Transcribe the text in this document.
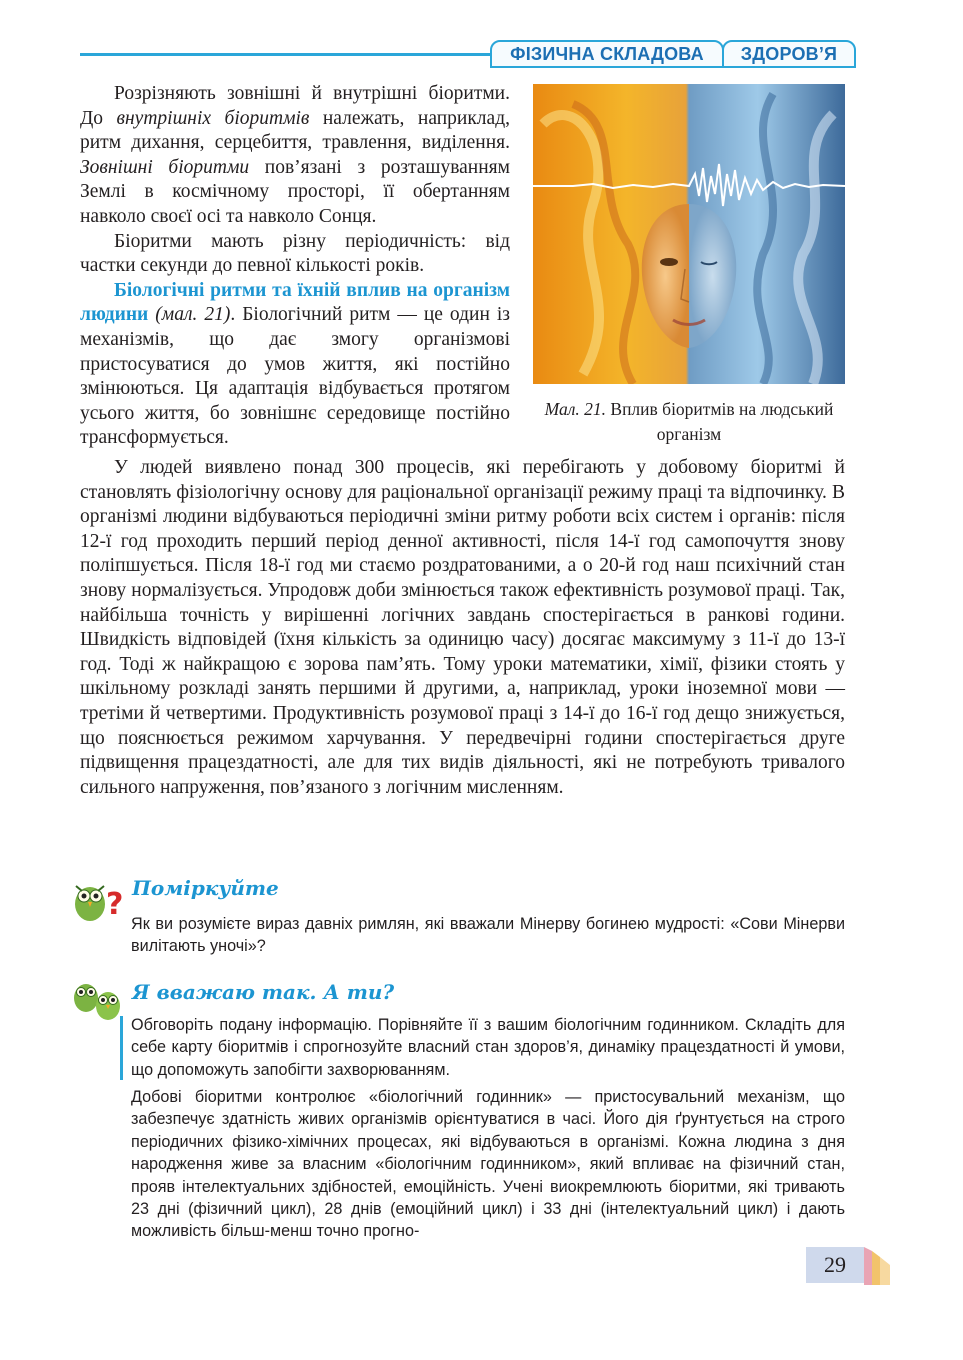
ФІЗИЧНА СКЛАДОВА	ЗДОРОВ’Я
Розрізняють зовнішні й внутрішні біоритми. До внутрішніх біоритмів належать, наприклад, ритм дихання, серцебиття, травлення, виділення. Зовнішні біоритми пов’язані з розташуванням Землі в космічному просторі, її обертанням навколо своєї осі та навколо Сонця.
Біоритми мають різну періодичність: від частки секунди до певної кількості років.
Біологічні ритми та їхній вплив на організм людини (мал. 21). Біологічний ритм — це один із механізмів, що дає змогу організмові пристосуватися до умов життя, які постійно змінюються. Ця адаптація відбувається протягом усього життя, бо зовнішнє середовище постійно трансформується.
Мал. 21. Вплив біоритмів на людський організм
У людей виявлено понад 300 процесів, які перебігають у добовому біоритмі й становлять фізіологічну основу для раціональної організації режиму праці та відпочинку. В організмі людини відбуваються періодичні зміни ритму роботи всіх систем і органів: після 12-ї год проходить перший період денної активності, після 14-ї год самопочуття знову поліпшується. Після 18-ї год ми стаємо роздратованими, а о 20-й год наш психічний стан знову нормалізується. Упродовж доби змінюється також ефективність розумової праці. Так, найбільша точність у вирішенні логічних завдань спостерігається в ранкові години. Швидкість відповідей (їхня кількість за одиницю часу) досягає максимуму з 11-ї до 13-ї год. Тоді ж найкращою є зорова пам’ять. Тому уроки математики, хімії, фізики стоять у шкільному розкладі занять першими й другими, а, наприклад, уроки іноземної мови — третіми й четвертими. Продуктивність розумової праці з 14-ї до 16-ї год дещо знижується, що пояснюється режимом харчування. У передвечірні години спостерігається друге підвищення працездатності, але для тих видів діяльності, які не потребують тривалого сильного напруження, пов’язаного з логічним мисленням.
? Поміркуйте

Як ви розумієте вираз давніх римлян, які вважали Мінерву богинею мудрості: «Сови Мінерви вилітають уночі»?

Я вважаю так. А ти?

Обговоріть подану інформацію. Порівняйте її з вашим біологічним годинником. Складіть для себе карту біоритмів і спрогнозуйте власний стан здоров’я, динаміку працездатності й умови, що допоможуть запобігти захворюванням.

Добові біоритми контролює «біологічний годинник» — пристосувальний механізм, що забезпечує здатність живих організмів орієнтуватися в часі. Його дія ґрунтується на строго періодичних фізико-хімічних процесах, які відбуваються в організмі. Кожна людина з дня народження живе за власним «біологічним годинником», який впливає на фізичний стан, прояв інтелектуальних здібностей, емоційність. Учені виокремлюють біоритми, які тривають 23 дні (фізичний цикл), 28 днів (емоційний цикл) і 33 дні (інтелектуальний цикл) і дають можливість більш-менш точно прогно-

29
